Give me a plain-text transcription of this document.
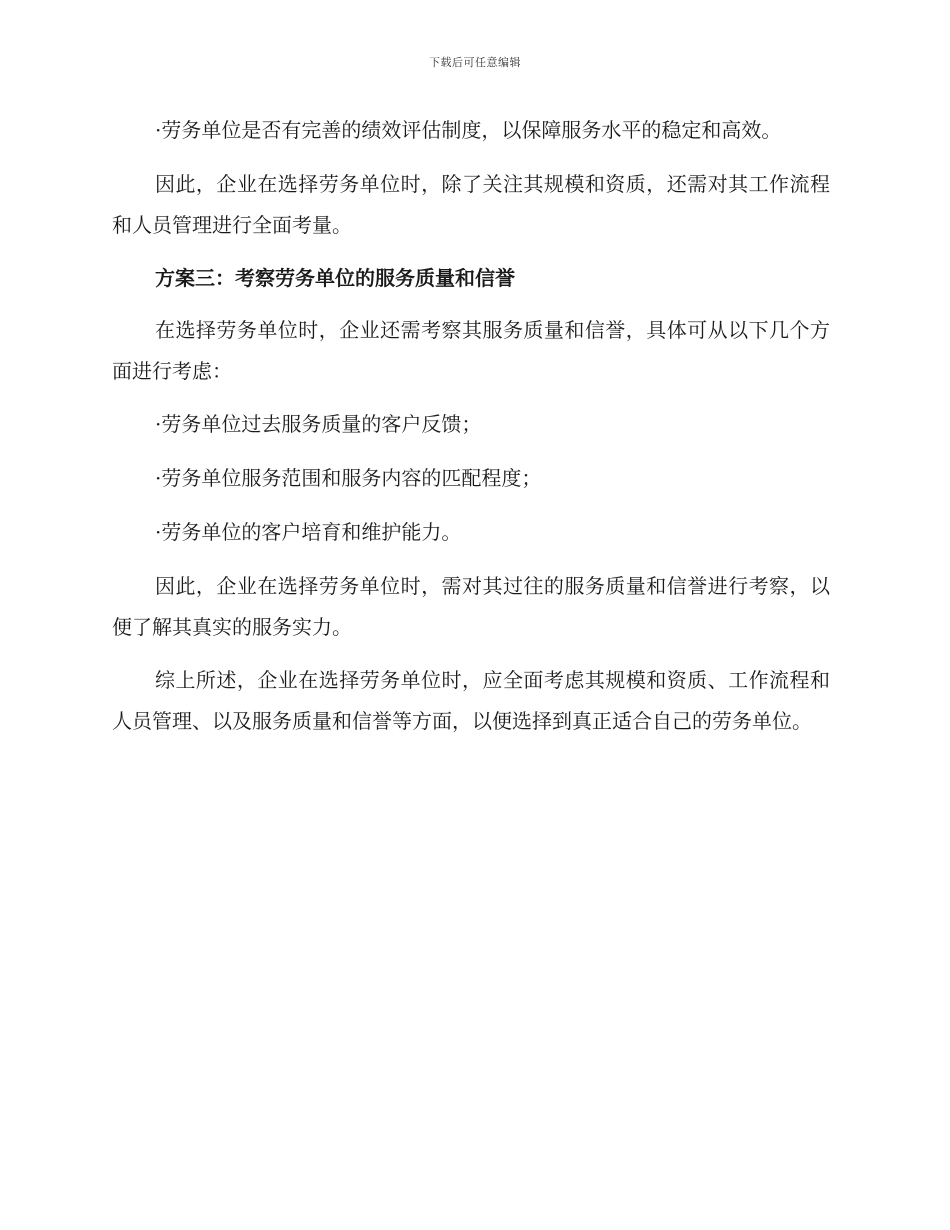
下载后可任意编辑

·劳务单位是否有完善的绩效评估制度，以保障服务水平的稳定和高效。

因此，企业在选择劳务单位时，除了关注其规模和资质，还需对其工作流程和人员管理进行全面考量。

方案三：考察劳务单位的服务质量和信誉

在选择劳务单位时，企业还需考察其服务质量和信誉，具体可从以下几个方面进行考虑：

·劳务单位过去服务质量的客户反馈；

·劳务单位服务范围和服务内容的匹配程度；

·劳务单位的客户培育和维护能力。

因此，企业在选择劳务单位时，需对其过往的服务质量和信誉进行考察，以便了解其真实的服务实力。

综上所述，企业在选择劳务单位时，应全面考虑其规模和资质、工作流程和人员管理、以及服务质量和信誉等方面，以便选择到真正适合自己的劳务单位。
